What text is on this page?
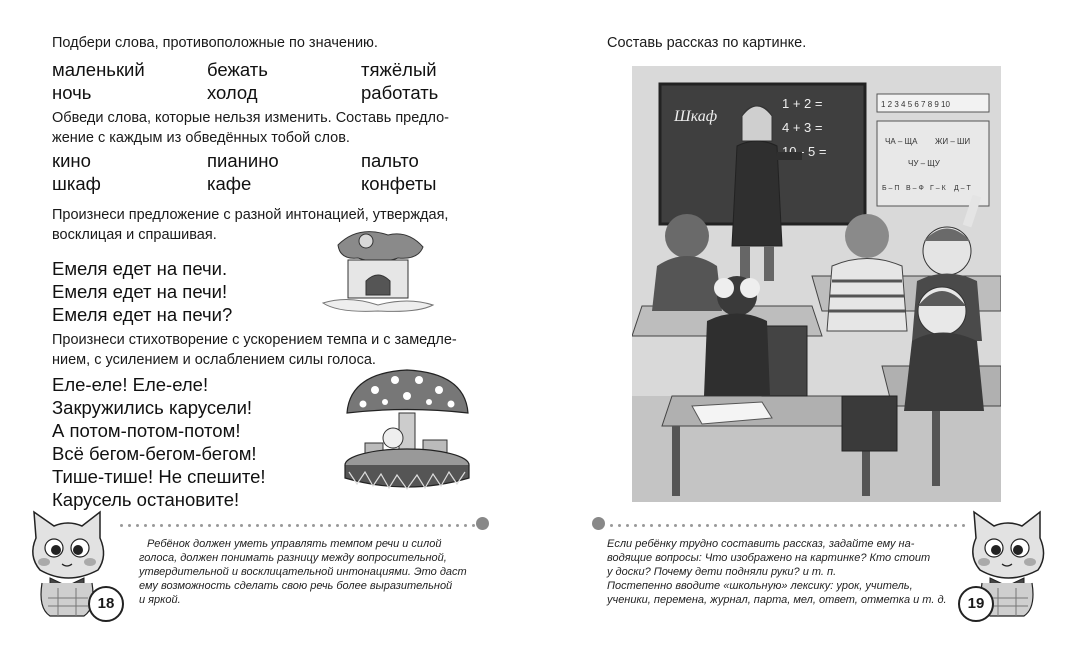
Подбери слова, противоположные по значению.
маленький	бежать	тяжёлый
ночь	холод	работать
Обведи слова, которые нельзя изменить. Составь предло-
жение с каждым из обведённых тобой слов.
кино	пианино	пальто
шкаф	кафе	конфеты
Произнеси предложение с разной интонацией, утверждая,
восклицая и спрашивая.
Емеля едет на печи.
Емеля едет на печи!
Емеля едет на печи?
Произнеси стихотворение с ускорением темпа и с замедле-
нием, с усилением и ослаблением силы голоса.
Еле-еле! Еле-еле!
Закружились карусели!
А потом-потом-потом!
Всё бегом-бегом-бегом!
Тише-тише! Не спешите!
Карусель остановите!
Ребёнок должен уметь управлять темпом речи и силой
голоса, должен понимать разницу между вопросительной,
утвердительной и восклицательной интонациями. Это даст
ему возможность сделать свою речь более выразительной
и яркой.
18
Составь рассказ по картинке.
Шкаф
1 + 2 =
4 + 3 =
10 - 5 =
1 2 3 4 5 6 7 8 9 10
ЧА – ЩА ЖИ – ШИ
ЧУ – ЩУ
Б – П В – Ф Г – К Д – Т
Если ребёнку трудно составить рассказ, задайте ему на-
водящие вопросы: Что изображено на картинке? Кто стоит
у доски? Почему дети подняли руки? и т. п.
Постепенно вводите «школьную» лексику: урок, учитель,
ученики, перемена, журнал, парта, мел, ответ, отметка и т. д.	19
